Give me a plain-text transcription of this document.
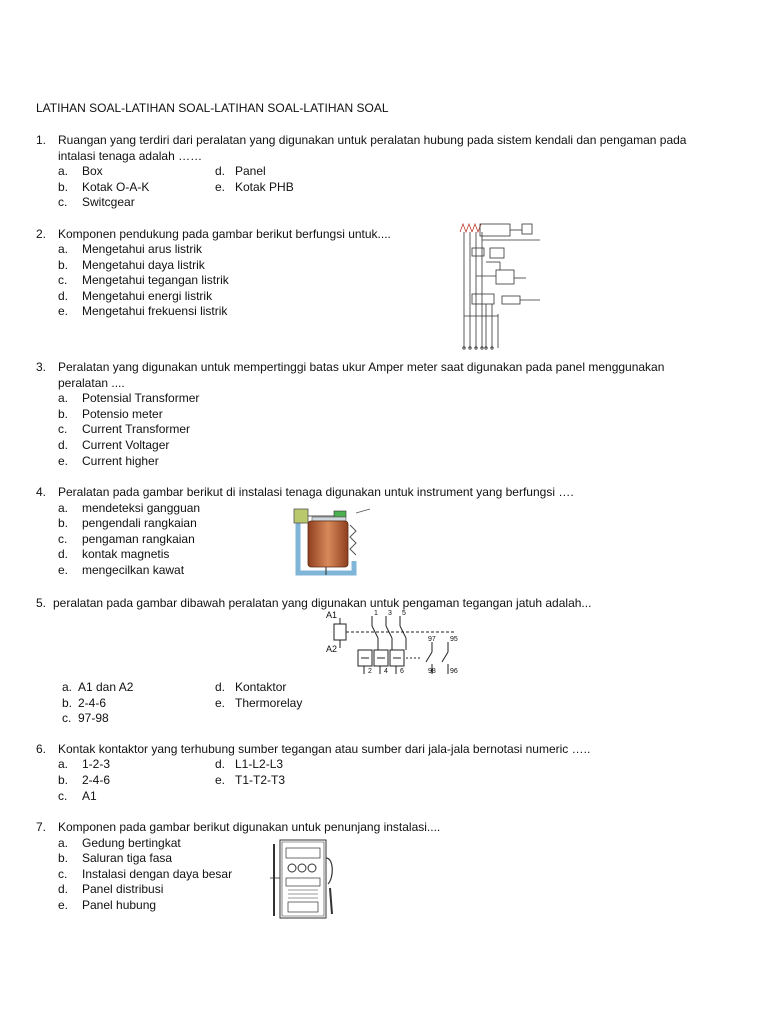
LATIHAN SOAL-LATIHAN SOAL-LATIHAN SOAL-LATIHAN SOAL
1. Ruangan yang terdiri dari peralatan yang digunakan untuk peralatan hubung pada sistem kendali dan pengaman pada
intalasi tenaga adalah ……
a. Box
b. Kotak O-A-K
c. Switcgear
d. Panel
e. Kotak PHB
2. Komponen pendukung pada gambar berikut berfungsi untuk....
a. Mengetahui arus listrik
b. Mengetahui daya listrik
c. Mengetahui tegangan listrik
d. Mengetahui energi listrik
e. Mengetahui frekuensi listrik
3. Peralatan yang digunakan untuk mempertinggi batas ukur Amper meter saat digunakan pada panel menggunakan
peralatan ....
a. Potensial Transformer
b. Potensio meter
c. Current Transformer
d. Current Voltager
e. Current higher
4. Peralatan pada gambar berikut di instalasi tenaga digunakan untuk instrument yang berfungsi ….
a. mendeteksi gangguan
b. pengendali rangkaian
c. pengaman rangkaian
d. kontak magnetis
e. mengecilkan kawat
5. peralatan pada gambar dibawah peralatan yang digunakan untuk pengaman tegangan jatuh adalah...
A1
A2
1 3 5
2 4 6
97 95
98 96
a. A1 dan A2
b. 2-4-6
c. 97-98
d. Kontaktor
e. Thermorelay
6. Kontak kontaktor yang terhubung sumber tegangan atau sumber dari jala-jala bernotasi numeric …..
a. 1-2-3
b. 2-4-6
c. A1
d. L1-L2-L3
e. T1-T2-T3
7. Komponen pada gambar berikut digunakan untuk penunjang instalasi....
a. Gedung bertingkat
b. Saluran tiga fasa
c. Instalasi dengan daya besar
d. Panel distribusi
e. Panel hubung
